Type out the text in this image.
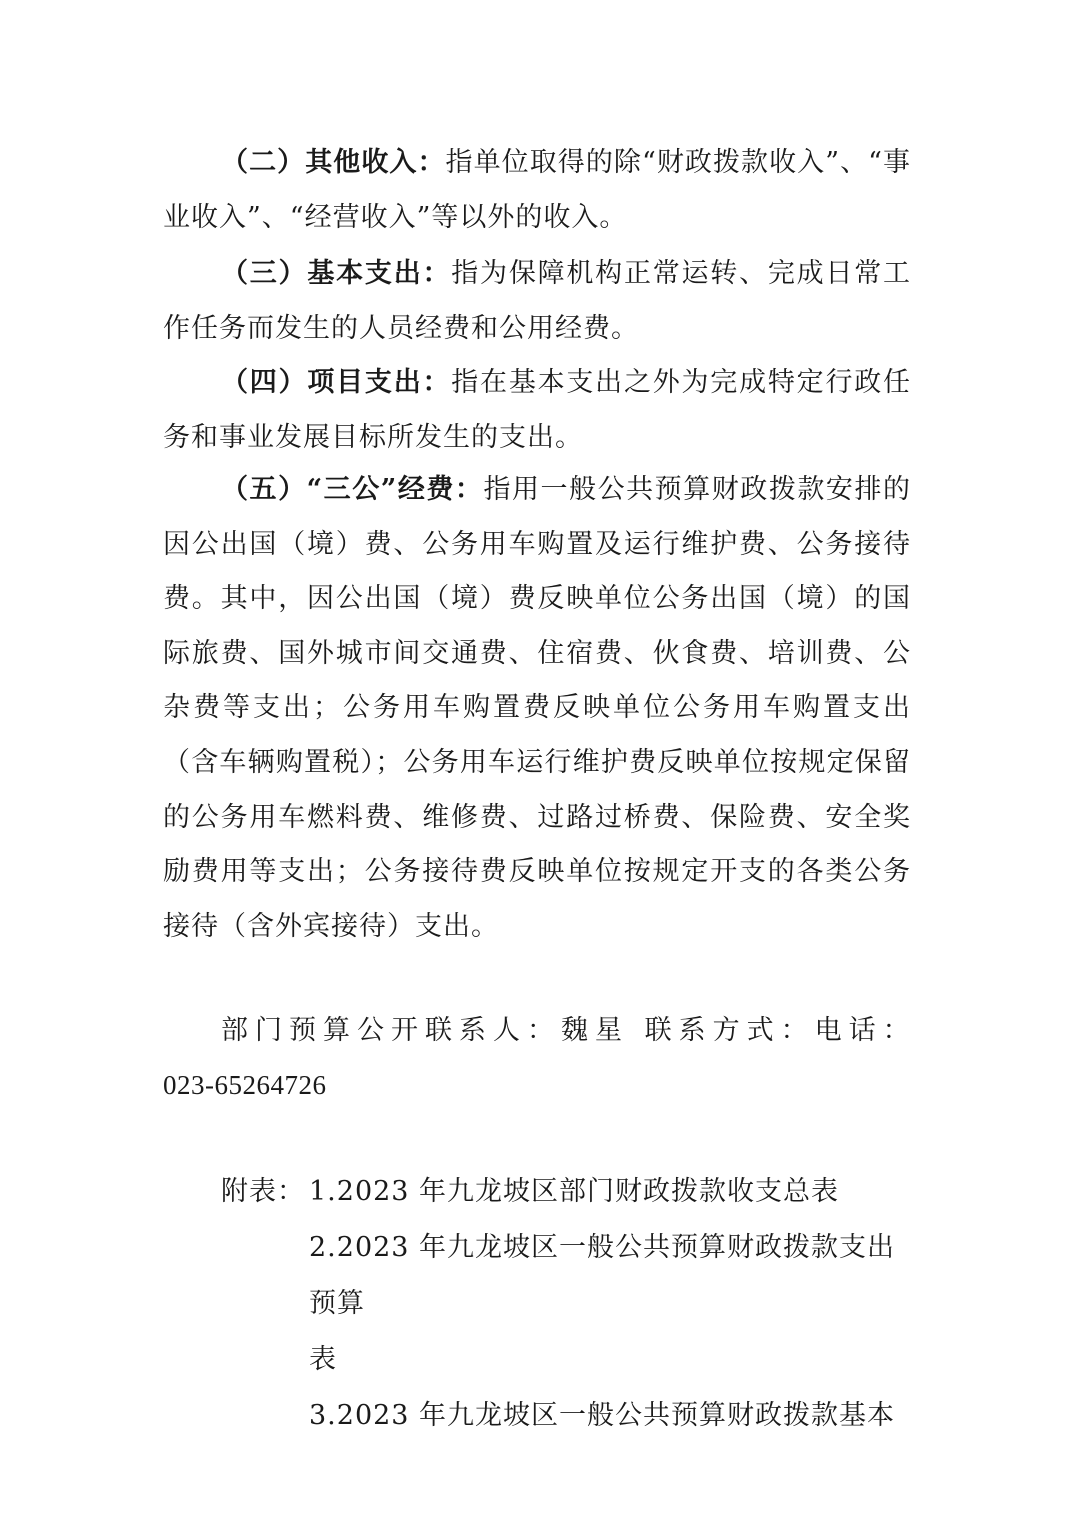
（二）其他收入：指单位取得的除“财政拨款收入”、“事业收入”、“经营收入”等以外的收入。

（三）基本支出：指为保障机构正常运转、完成日常工作任务而发生的人员经费和公用经费。

（四）项目支出：指在基本支出之外为完成特定行政任务和事业发展目标所发生的支出。

（五）“三公”经费：指用一般公共预算财政拨款安排的因公出国（境）费、公务用车购置及运行维护费、公务接待费。其中，因公出国（境）费反映单位公务出国（境）的国际旅费、国外城市间交通费、住宿费、伙食费、培训费、公杂费等支出；公务用车购置费反映单位公务用车购置支出（含车辆购置税）；公务用车运行维护费反映单位按规定保留的公务用车燃料费、维修费、过路过桥费、保险费、安全奖励费用等支出；公务接待费反映单位按规定开支的各类公务接待（含外宾接待）支出。

部门预算公开联系人：魏星 联系方式：电话：
023-65264726
附表： 1.2023 年九龙坡区部门财政拨款收支总表
2.2023 年九龙坡区一般公共预算财政拨款支出预算
表
3.2023 年九龙坡区一般公共预算财政拨款基本
